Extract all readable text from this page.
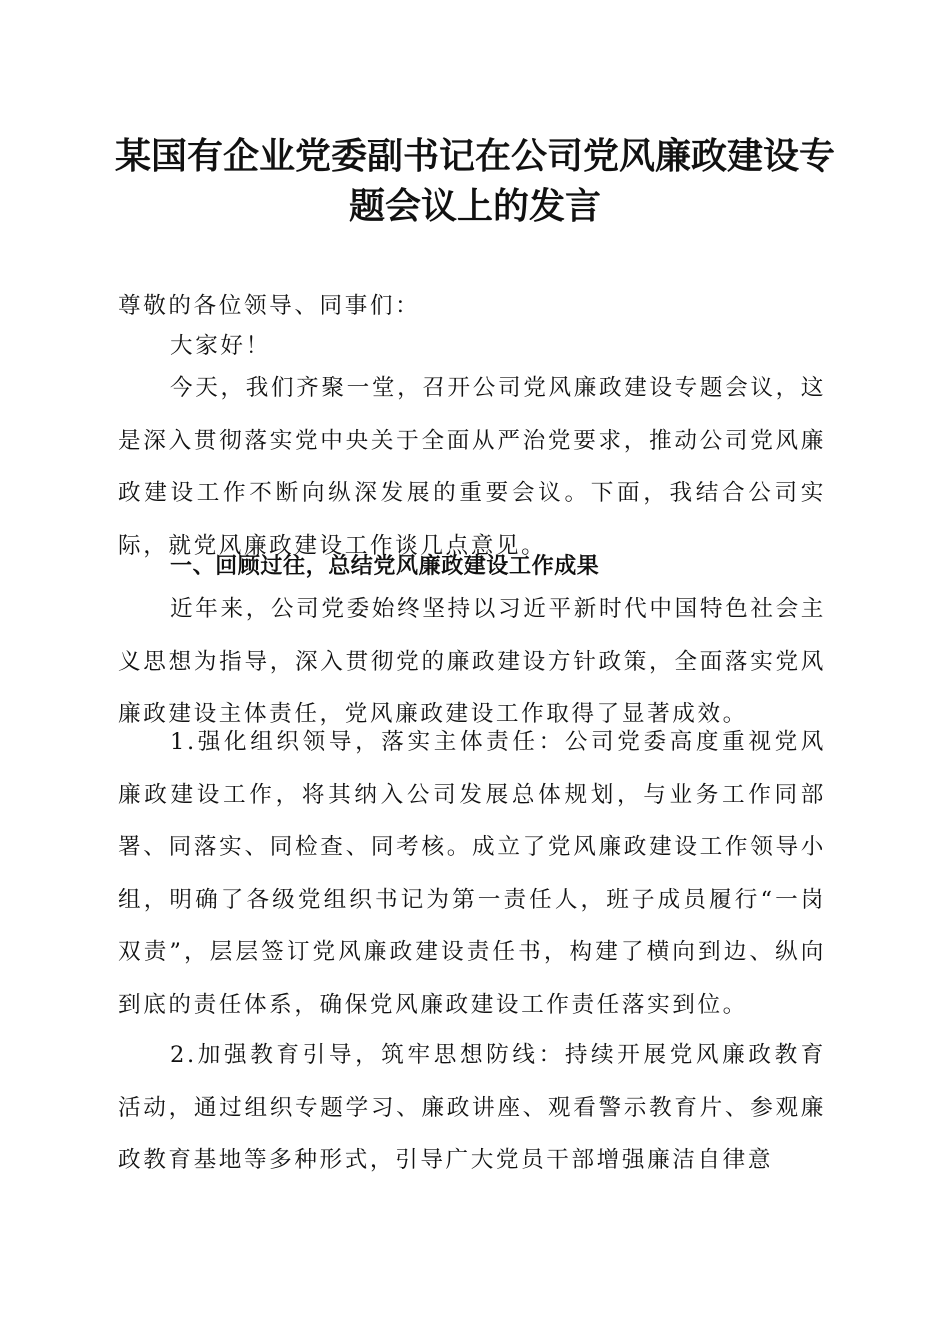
某国有企业党委副书记在公司党风廉政建设专
题会议上的发言

尊敬的各位领导、同事们：

大家好！

今天，我们齐聚一堂，召开公司党风廉政建设专题会议，这是深入贯彻落实党中央关于全面从严治党要求，推动公司党风廉政建设工作不断向纵深发展的重要会议。下面，我结合公司实际，就党风廉政建设工作谈几点意见。

一、回顾过往，总结党风廉政建设工作成果

近年来，公司党委始终坚持以习近平新时代中国特色社会主义思想为指导，深入贯彻党的廉政建设方针政策，全面落实党风廉政建设主体责任，党风廉政建设工作取得了显著成效。

1.强化组织领导，落实主体责任：公司党委高度重视党风廉政建设工作，将其纳入公司发展总体规划，与业务工作同部署、同落实、同检查、同考核。成立了党风廉政建设工作领导小组，明确了各级党组织书记为第一责任人，班子成员履行“一岗双责”，层层签订党风廉政建设责任书，构建了横向到边、纵向到底的责任体系，确保党风廉政建设工作责任落实到位。

2.加强教育引导，筑牢思想防线：持续开展党风廉政教育活动，通过组织专题学习、廉政讲座、观看警示教育片、参观廉政教育基地等多种形式，引导广大党员干部增强廉洁自律意
